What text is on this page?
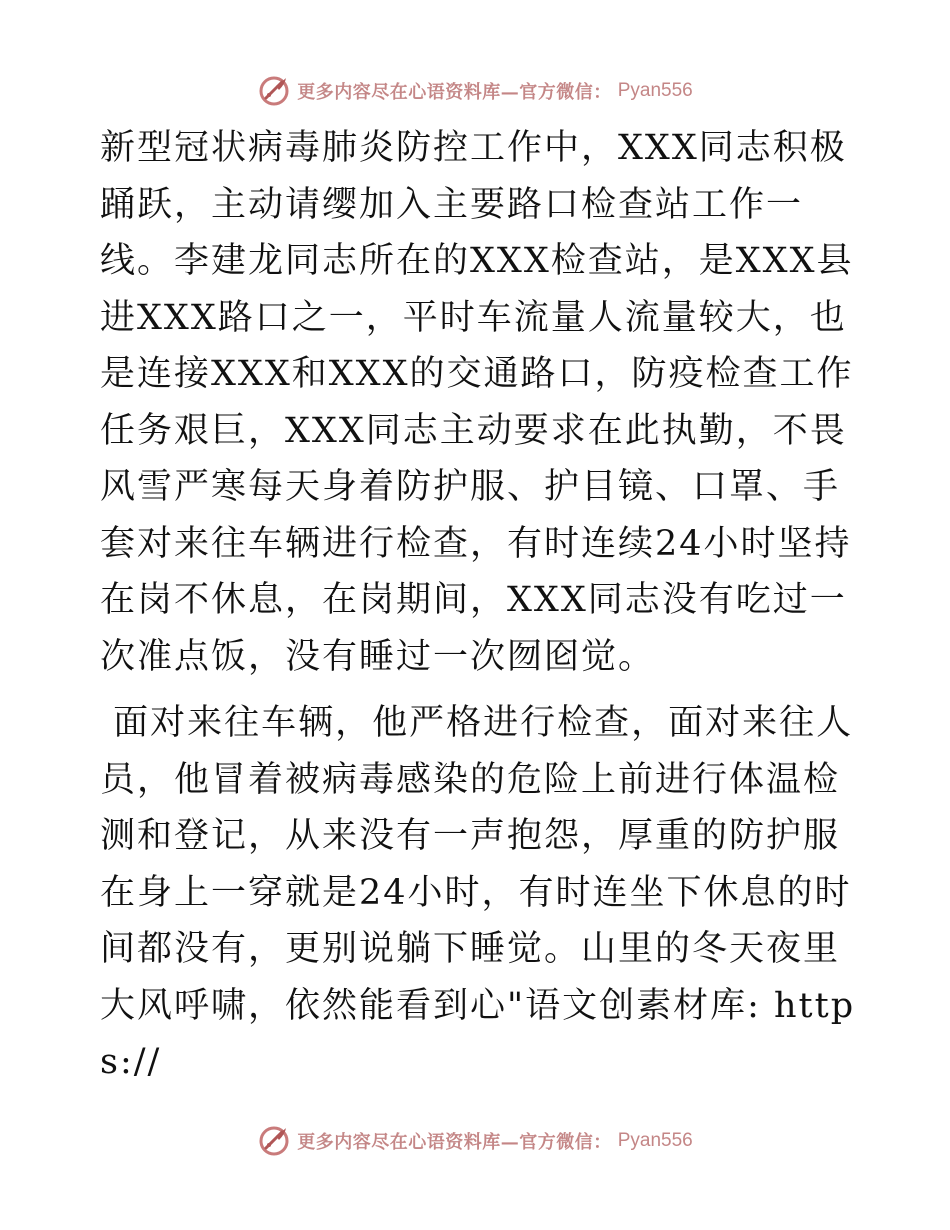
更多内容尽在心语资料库—官方微信： Pyan556

新型冠状病毒肺炎防控工作中，XXX同志积极踊跃，主动请缨加入主要路口检查站工作一线。李建龙同志所在的XXX检查站，是XXX县进XXX路口之一，平时车流量人流量较大，也是连接XXX和XXX的交通路口，防疫检查工作任务艰巨，XXX同志主动要求在此执勤，不畏风雪严寒每天身着防护服、护目镜、口罩、手套对来往车辆进行检查，有时连续24小时坚持在岗不休息，在岗期间，XXX同志没有吃过一次准点饭，没有睡过一次囫囵觉。

面对来往车辆，他严格进行检查，面对来往人员，他冒着被病毒感染的危险上前进行体温检测和登记，从来没有一声抱怨，厚重的防护服在身上一穿就是24小时，有时连坐下休息的时间都没有，更别说躺下睡觉。山里的冬天夜里大风呼啸，依然能看到心"语文创素材库: https://

更多内容尽在心语资料库—官方微信： Pyan556
